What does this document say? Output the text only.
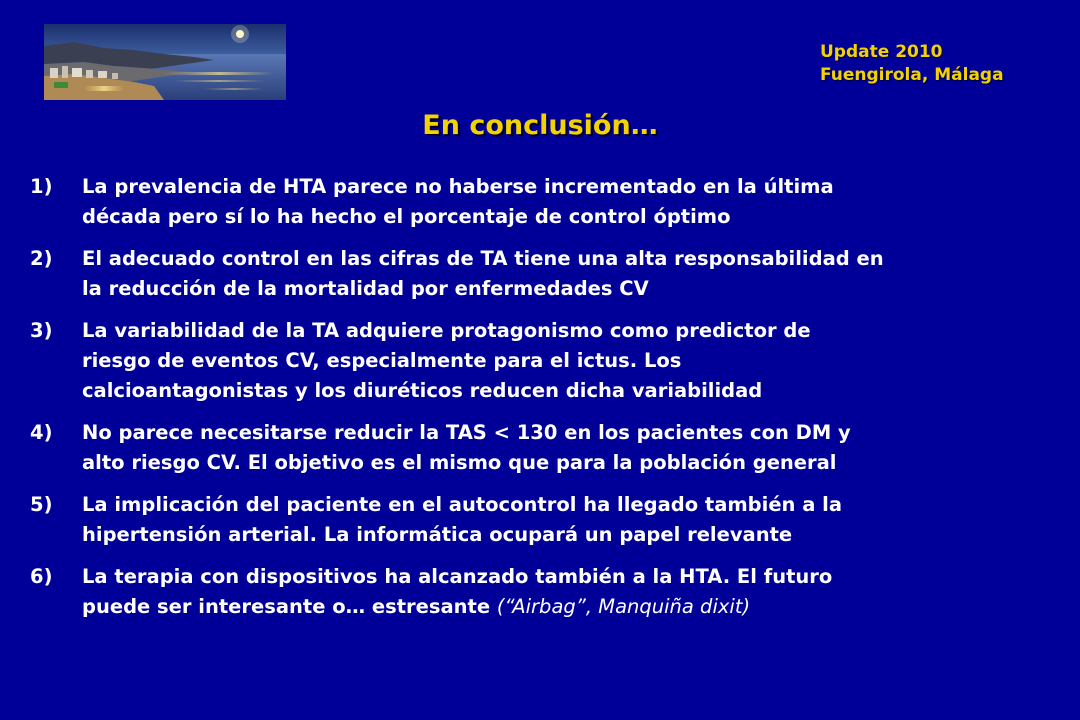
Update 2010
Fuengirola, Málaga
En conclusión…
1)	La prevalencia de HTA parece no haberse incrementado en la última
década pero sí lo ha hecho el porcentaje de control óptimo
2)	El adecuado control en las cifras de TA tiene una alta responsabilidad en
la reducción de la mortalidad por enfermedades CV
3)	La variabilidad de la TA adquiere protagonismo como predictor de
riesgo de eventos CV, especialmente para el ictus. Los
calcioantagonistas y los diuréticos reducen dicha variabilidad
4)	No parece necesitarse reducir la TAS < 130 en los pacientes con DM y
alto riesgo CV. El objetivo es el mismo que para la población general
5)	La implicación del paciente en el autocontrol ha llegado también a la
hipertensión arterial. La informática ocupará un papel relevante
6)	La terapia con dispositivos ha alcanzado también a la HTA. El futuro
puede ser interesante o… estresante (“Airbag”, Manquiña dixit)
